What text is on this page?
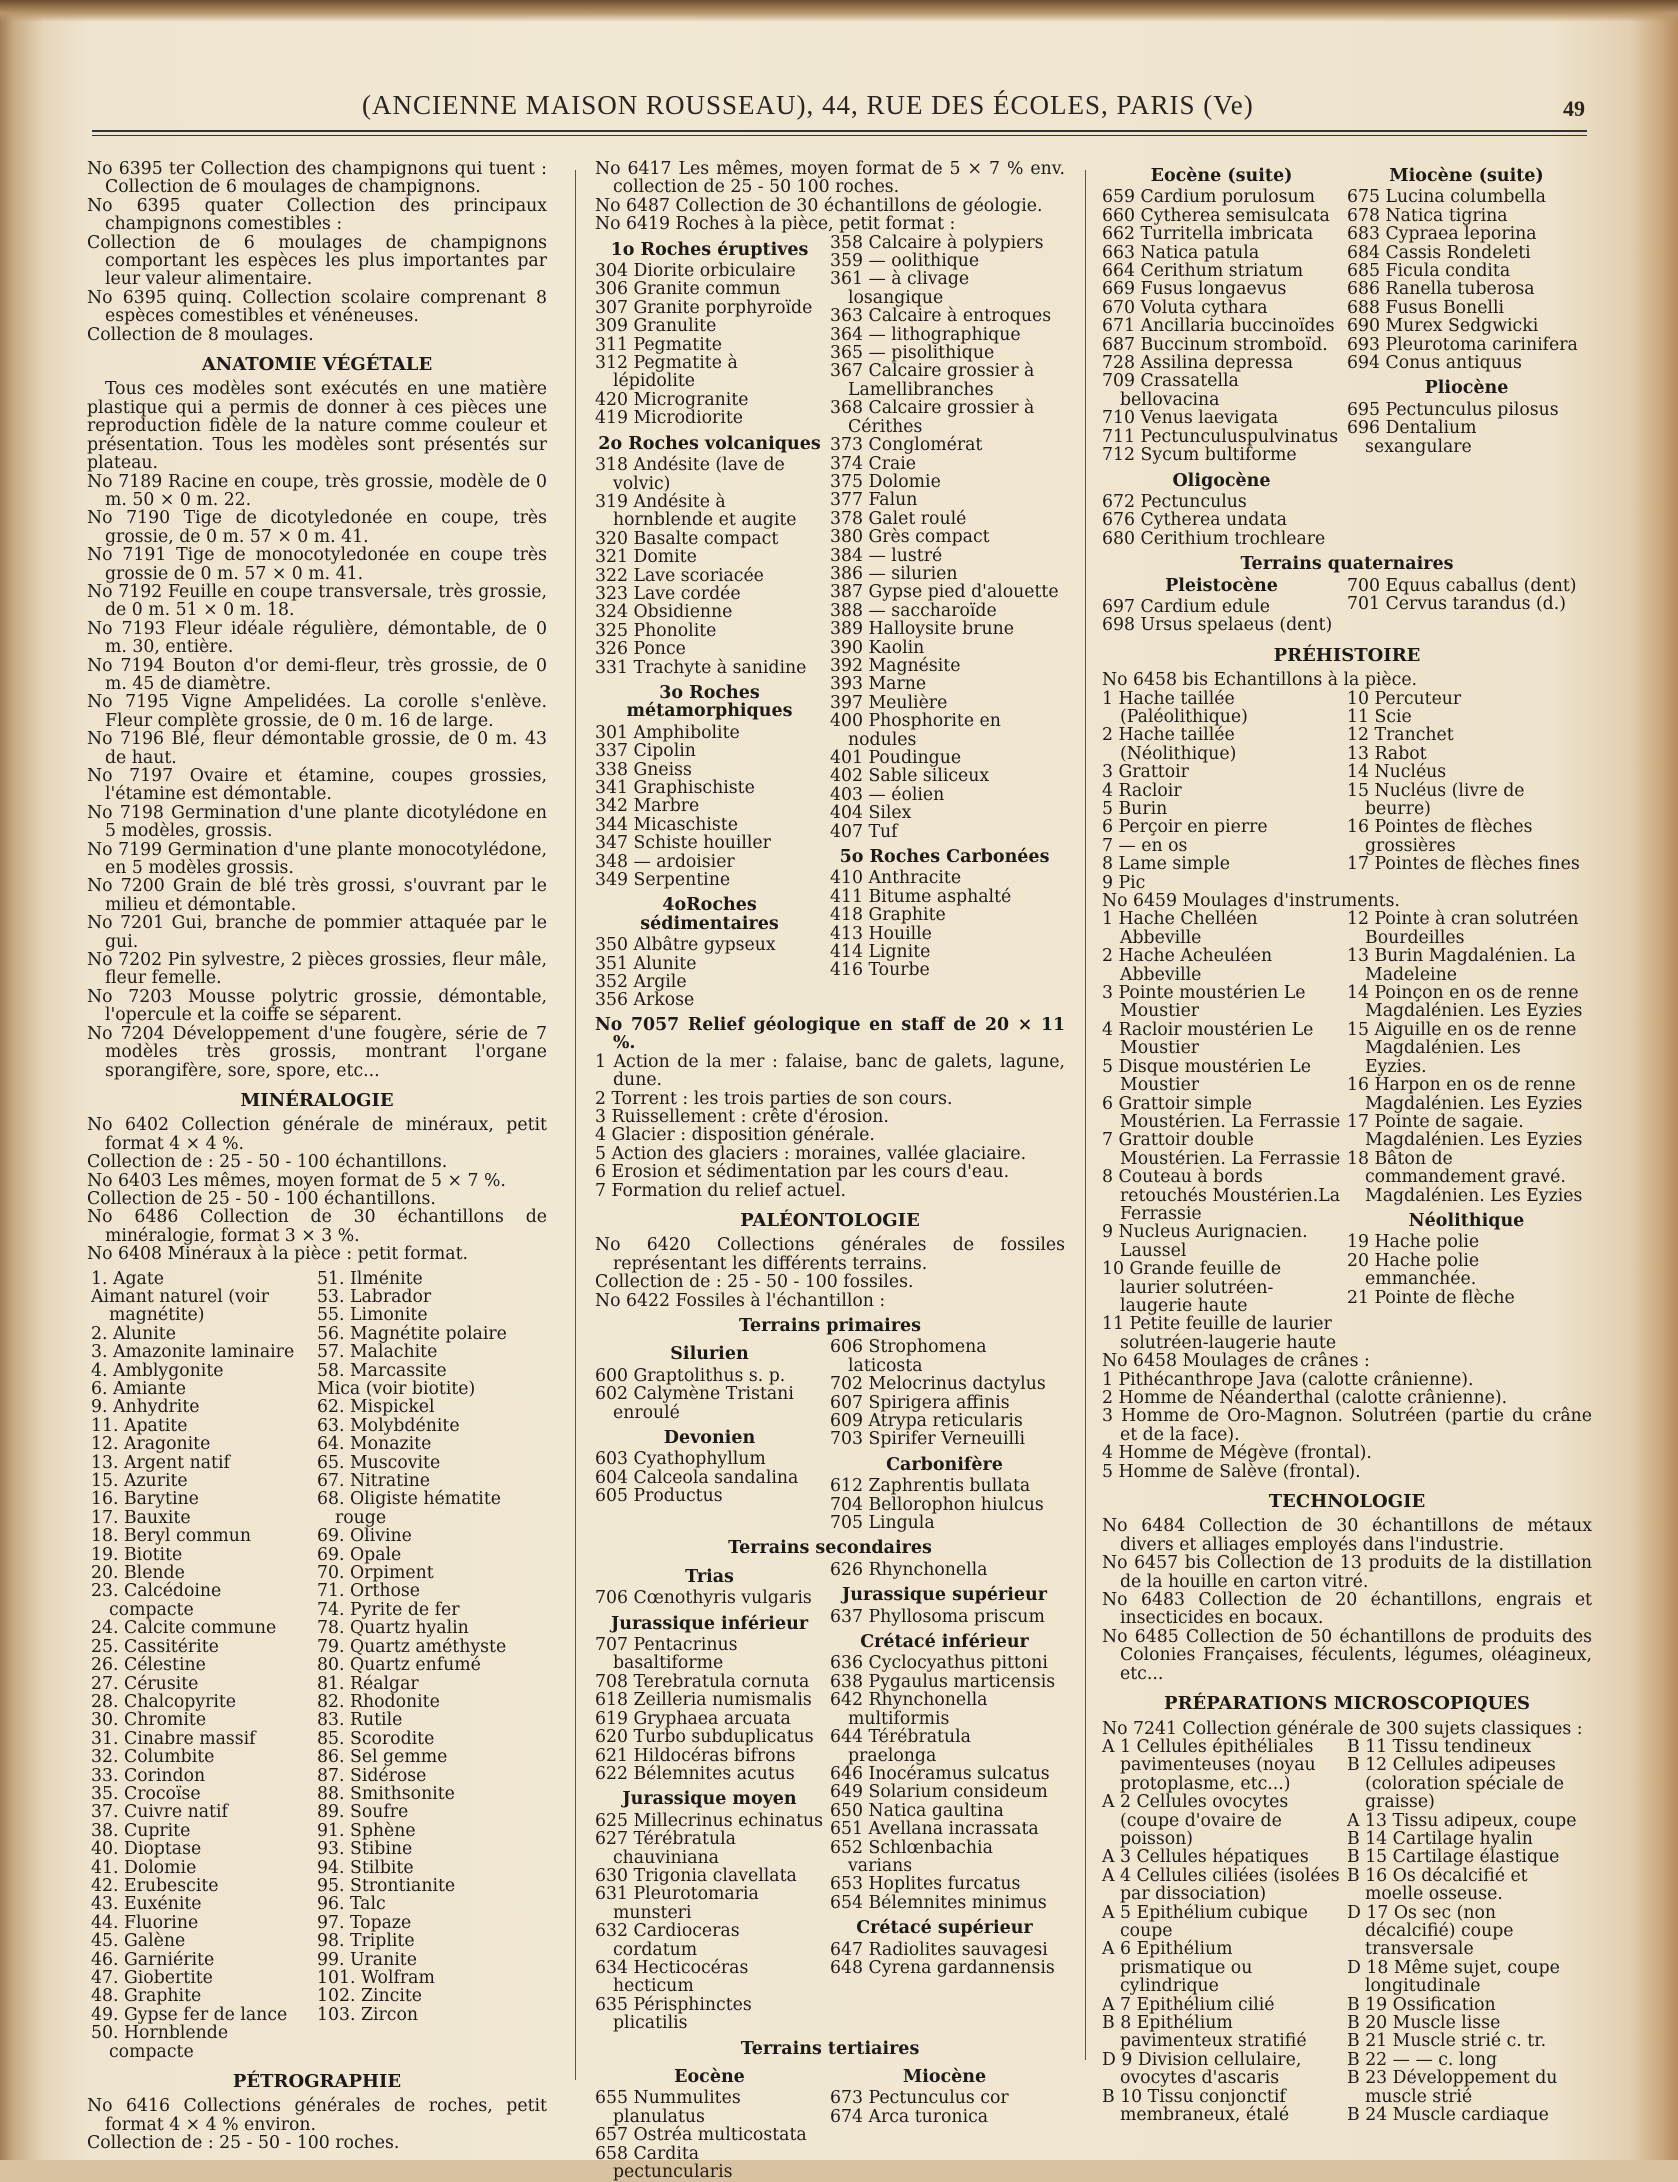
(ANCIENNE MAISON ROUSSEAU), 44, RUE DES ÉCOLES, PARIS (Ve)	49

No 6395 ter Collection des champignons qui tuent : Collection de 6 moulages de champignons.

No 6395 quater Collection des principaux champignons comestibles :

Collection de 6 moulages de champignons comportant les espèces les plus importantes par leur valeur alimentaire.

No 6395 quinq. Collection scolaire comprenant 8 espèces comestibles et vénéneuses.

Collection de 8 moulages.

ANATOMIE VÉGÉTALE

Tous ces modèles sont exécutés en une matière plastique qui a permis de donner à ces pièces une reproduction fidèle de la nature comme couleur et présentation. Tous les modèles sont présentés sur plateau.

No 7189 Racine en coupe, très grossie, modèle de 0 m. 50 × 0 m. 22.

No 7190 Tige de dicotyledonée en coupe, très grossie, de 0 m. 57 × 0 m. 41.

No 7191 Tige de monocotyledonée en coupe très grossie de 0 m. 57 × 0 m. 41.

No 7192 Feuille en coupe transversale, très grossie, de 0 m. 51 × 0 m. 18.

No 7193 Fleur idéale régulière, démontable, de 0 m. 30, entière.

No 7194 Bouton d'or demi-fleur, très grossie, de 0 m. 45 de diamètre.

No 7195 Vigne Ampelidées. La corolle s'enlève. Fleur complète grossie, de 0 m. 16 de large.

No 7196 Blé, fleur démontable grossie, de 0 m. 43 de haut.

No 7197 Ovaire et étamine, coupes grossies, l'étamine est démontable.

No 7198 Germination d'une plante dicotylédone en 5 modèles, grossis.

No 7199 Germination d'une plante monocotylédone, en 5 modèles grossis.

No 7200 Grain de blé très grossi, s'ouvrant par le milieu et démontable.

No 7201 Gui, branche de pommier attaquée par le gui.

No 7202 Pin sylvestre, 2 pièces grossies, fleur mâle, fleur femelle.

No 7203 Mousse polytric grossie, démontable, l'opercule et la coiffe se séparent.

No 7204 Développement d'une fougère, série de 7 modèles très grossis, montrant l'organe sporangifère, sore, spore, etc...

MINÉRALOGIE

No 6402 Collection générale de minéraux, petit format 4 × 4 %.

Collection de : 25 - 50 - 100 échantillons.

No 6403 Les mêmes, moyen format de 5 × 7 %.

Collection de 25 - 50 - 100 échantillons.

No 6486 Collection de 30 échantillons de minéralogie, format 3 × 3 %.

No 6408 Minéraux à la pièce : petit format.

1. Agate
Aimant naturel (voir magnétite)
2. Alunite
3. Amazonite laminaire
4. Amblygonite
6. Amiante
9. Anhydrite
11. Apatite
12. Aragonite
13. Argent natif
15. Azurite
16. Barytine
17. Bauxite
18. Beryl commun
19. Biotite
20. Blende
23. Calcédoine compacte
24. Calcite commune
25. Cassitérite
26. Célestine
27. Cérusite
28. Chalcopyrite
30. Chromite
31. Cinabre massif
32. Columbite
33. Corindon
35. Crocoïse
37. Cuivre natif
38. Cuprite
40. Dioptase
41. Dolomie
42. Erubescite
43. Euxénite
44. Fluorine
45. Galène
46. Garniérite
47. Giobertite
48. Graphite
49. Gypse fer de lance
50. Hornblende compacte
51. Ilménite
53. Labrador
55. Limonite
56. Magnétite polaire
57. Malachite
58. Marcassite
Mica (voir biotite)
62. Mispickel
63. Molybdénite
64. Monazite
65. Muscovite
67. Nitratine
68. Oligiste hématite rouge
69. Olivine
69. Opale
70. Orpiment
71. Orthose
74. Pyrite de fer
78. Quartz hyalin
79. Quartz améthyste
80. Quartz enfumé
81. Réalgar
82. Rhodonite
83. Rutile
85. Scorodite
86. Sel gemme
87. Sidérose
88. Smithsonite
89. Soufre
91. Sphène
93. Stibine
94. Stilbite
95. Strontianite
96. Talc
97. Topaze
98. Triplite
99. Uranite
101. Wolfram
102. Zincite
103. Zircon
PÉTROGRAPHIE

No 6416 Collections générales de roches, petit format 4 × 4 % environ.

Collection de : 25 - 50 - 100 roches.

No 6417 Les mêmes, moyen format de 5 × 7 % env. collection de 25 - 50 100 roches.

No 6487 Collection de 30 échantillons de géologie.

No 6419 Roches à la pièce, petit format :

1o Roches éruptives
304 Diorite orbiculaire
306 Granite commun
307 Granite porphyroïde
309 Granulite
311 Pegmatite
312 Pegmatite à lépidolite
420 Microgranite
419 Microdiorite
2o Roches volcaniques
318 Andésite (lave de volvic)
319 Andésite à hornblende et augite
320 Basalte compact
321 Domite
322 Lave scoriacée
323 Lave cordée
324 Obsidienne
325 Phonolite
326 Ponce
331 Trachyte à sanidine
3o Roches métamorphiques
301 Amphibolite
337 Cipolin
338 Gneiss
341 Graphischiste
342 Marbre
344 Micaschiste
347 Schiste houiller
348 — ardoisier
349 Serpentine
4oRoches sédimentaires
350 Albâtre gypseux
351 Alunite
352 Argile
356 Arkose
358 Calcaire à polypiers
359 — oolithique
361 — à clivage losangique
363 Calcaire à entroques
364 — lithographique
365 — pisolithique
367 Calcaire grossier à Lamellibranches
368 Calcaire grossier à Cérithes
373 Conglomérat
374 Craie
375 Dolomie
377 Falun
378 Galet roulé
380 Grès compact
384 — lustré
386 — silurien
387 Gypse pied d'alouette
388 — saccharoïde
389 Halloysite brune
390 Kaolin
392 Magnésite
393 Marne
397 Meulière
400 Phosphorite en nodules
401 Poudingue
402 Sable siliceux
403 — éolien
404 Silex
407 Tuf
5o Roches Carbonées
410 Anthracite
411 Bitume asphalté
418 Graphite
413 Houille
414 Lignite
416 Tourbe

No 7057 Relief géologique en staff de 20 × 11 %.

1 Action de la mer : falaise, banc de galets, lagune, dune.

2 Torrent : les trois parties de son cours.

3 Ruissellement : crête d'érosion.

4 Glacier : disposition générale.

5 Action des glaciers : moraines, vallée glaciaire.

6 Erosion et sédimentation par les cours d'eau.

7 Formation du relief actuel.

PALÉONTOLOGIE

No 6420 Collections générales de fossiles représentant les différents terrains.

Collection de : 25 - 50 - 100 fossiles.

No 6422 Fossiles à l'échantillon :

Terrains primaires
Silurien
600 Graptolithus s. p.
602 Calymène Tristani enroulé
Devonien
603 Cyathophyllum
604 Calceola sandalina
605 Productus
606 Strophomena laticosta
702 Melocrinus dactylus
607 Spirigera affinis
609 Atrypa reticularis
703 Spirifer Verneuilli
Carbonifère
612 Zaphrentis bullata
704 Bellorophon hiulcus
705 Lingula
Terrains secondaires
Trias
706 Cœnothyris vulgaris
Jurassique inférieur
707 Pentacrinus basaltiforme
708 Terebratula cornuta
618 Zeilleria numismalis
619 Gryphaea arcuata
620 Turbo subduplicatus
621 Hildocéras bifrons
622 Bélemnites acutus
Jurassique moyen
625 Millecrinus echinatus
627 Térébratula chauviniana
630 Trigonia clavellata
631 Pleurotomaria munsteri
632 Cardioceras cordatum
634 Hecticocéras hecticum
635 Périsphinctes plicatilis
626 Rhynchonella
Jurassique supérieur
637 Phyllosoma priscum
Crétacé inférieur
636 Cyclocyathus pittoni
638 Pygaulus marticensis
642 Rhynchonella multiformis
644 Térébratula praelonga
646 Inocéramus sulcatus
649 Solarium consideum
650 Natica gaultina
651 Avellana incrassata
652 Schlœnbachia varians
653 Hoplites furcatus
654 Bélemnites minimus
Crétacé supérieur
647 Radiolites sauvagesi
648 Cyrena gardannensis
Terrains tertiaires
Eocène
655 Nummulites planulatus
657 Ostréa multicostata
658 Cardita pectuncularis
Miocène
673 Pectunculus cor
674 Arca turonica
Eocène (suite)
659 Cardium porulosum
660 Cytherea semisulcata
662 Turritella imbricata
663 Natica patula
664 Cerithum striatum
669 Fusus longaevus
670 Voluta cythara
671 Ancillaria buccinoïdes
687 Buccinum stromboïd.
728 Assilina depressa
709 Crassatella bellovacina
710 Venus laevigata
711 Pectunculuspulvinatus
712 Sycum bultiforme
Oligocène
672 Pectunculus
676 Cytherea undata
680 Cerithium trochleare
Miocène (suite)
675 Lucina columbella
678 Natica tigrina
683 Cypraea leporina
684 Cassis Rondeleti
685 Ficula condita
686 Ranella tuberosa
688 Fusus Bonelli
690 Murex Sedgwicki
693 Pleurotoma carinifera
694 Conus antiquus
Pliocène
695 Pectunculus pilosus
696 Dentalium sexangulare
Terrains quaternaires
Pleistocène
697 Cardium edule
698 Ursus spelaeus (dent)
700 Equus caballus (dent)
701 Cervus tarandus (d.)
PRÉHISTOIRE

No 6458 bis Echantillons à la pièce.

1 Hache taillée (Paléolithique)
2 Hache taillée (Néolithique)
3 Grattoir
4 Racloir
5 Burin
6 Perçoir en pierre
7 — en os
8 Lame simple
9 Pic
10 Percuteur
11 Scie
12 Tranchet
13 Rabot
14 Nucléus
15 Nucléus (livre de beurre)
16 Pointes de flèches grossières
17 Pointes de flèches fines

No 6459 Moulages d'instruments.

1 Hache Chelléen Abbeville
2 Hache Acheuléen Abbeville
3 Pointe moustérien Le Moustier
4 Racloir moustérien Le Moustier
5 Disque moustérien Le Moustier
6 Grattoir simple Moustérien. La Ferrassie
7 Grattoir double Moustérien. La Ferrassie
8 Couteau à bords retouchés Moustérien.La Ferrassie
9 Nucleus Aurignacien. Laussel
10 Grande feuille de laurier solutréen-laugerie haute
11 Petite feuille de laurier solutréen-laugerie haute
12 Pointe à cran solutréen Bourdeilles
13 Burin Magdalénien. La Madeleine
14 Poinçon en os de renne Magdalénien. Les Eyzies
15 Aiguille en os de renne Magdalénien. Les Eyzies.
16 Harpon en os de renne Magdalénien. Les Eyzies
17 Pointe de sagaie. Magdalénien. Les Eyzies
18 Bâton de commandement gravé. Magdalénien. Les Eyzies
Néolithique
19 Hache polie
20 Hache polie emmanchée.
21 Pointe de flèche

No 6458 Moulages de crânes :

1 Pithécanthrope Java (calotte crânienne).

2 Homme de Néanderthal (calotte crânienne).

3 Homme de Oro-Magnon. Solutréen (partie du crâne et de la face).

4 Homme de Mégève (frontal).

5 Homme de Salève (frontal).

TECHNOLOGIE

No 6484 Collection de 30 échantillons de métaux divers et alliages employés dans l'industrie.

No 6457 bis Collection de 13 produits de la distillation de la houille en carton vitré.

No 6483 Collection de 20 échantillons, engrais et insecticides en bocaux.

No 6485 Collection de 50 échantillons de produits des Colonies Françaises, féculents, légumes, oléagineux, etc...

PRÉPARATIONS MICROSCOPIQUES

No 7241 Collection générale de 300 sujets classiques :

A 1 Cellules épithéliales pavimenteuses (noyau protoplasme, etc...)
A 2 Cellules ovocytes (coupe d'ovaire de poisson)
A 3 Cellules hépatiques
A 4 Cellules ciliées (isolées par dissociation)
A 5 Epithélium cubique coupe
A 6 Epithélium prismatique ou cylindrique
A 7 Epithélium cilié
B 8 Epithélium pavimenteux stratifié
D 9 Division cellulaire, ovocytes d'ascaris
B 10 Tissu conjonctif membraneux, étalé
B 11 Tissu tendineux
B 12 Cellules adipeuses (coloration spéciale de graisse)
A 13 Tissu adipeux, coupe
B 14 Cartilage hyalin
B 15 Cartilage élastique
B 16 Os décalcifié et moelle osseuse.
D 17 Os sec (non décalcifié) coupe transversale
D 18 Même sujet, coupe longitudinale
B 19 Ossification
B 20 Muscle lisse
B 21 Muscle strié c. tr.
B 22 — — c. long
B 23 Développement du muscle strié
B 24 Muscle cardiaque
